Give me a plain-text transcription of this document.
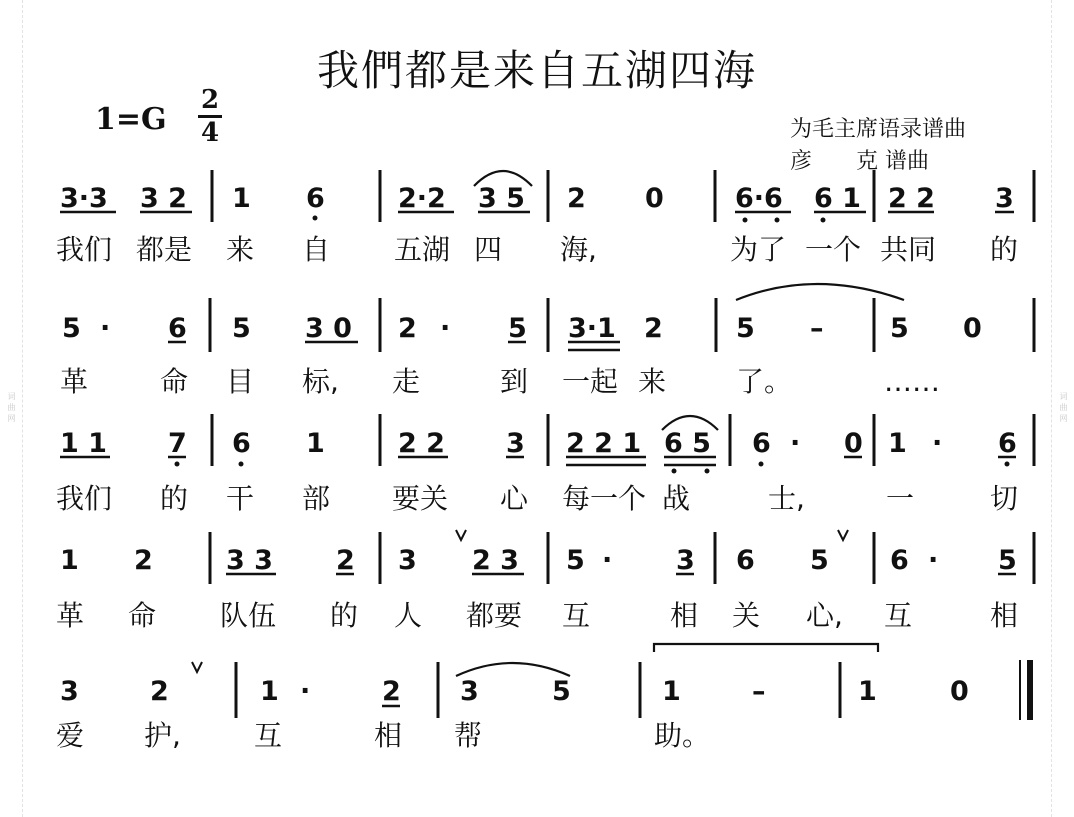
词曲网	词曲网
我們都是来自五湖四海
1=G
2
4	为毛主席语录谱曲
彦　　克 谱曲
3·3 3 2 1 6	2·2 3 5 2 0	6·6 6 1 2 2 3
我们 都是 来 自 五湖 四 海,	为了 一个 共同 的
5 · 6 5 3 0 2 · 5 3·1 2	5 – 5 0
革	命 目 标, 走	到 一起 来 了。	……
1 1 7 6 1	2 2 3 2 2 1 6 5 6 · 0 1 · 6
我们 的 干 部 要关 心 每一个 战	士,	一	切
1 2	3 3 2 3 2 3 5 · 3 6 5 6 · 5
革 命 队伍 的 人 都要 互	相 关 心, 互	相
3	2	1 ·	2 3	5	1	–	1	0
爱 护,	互	相 帮	助。
